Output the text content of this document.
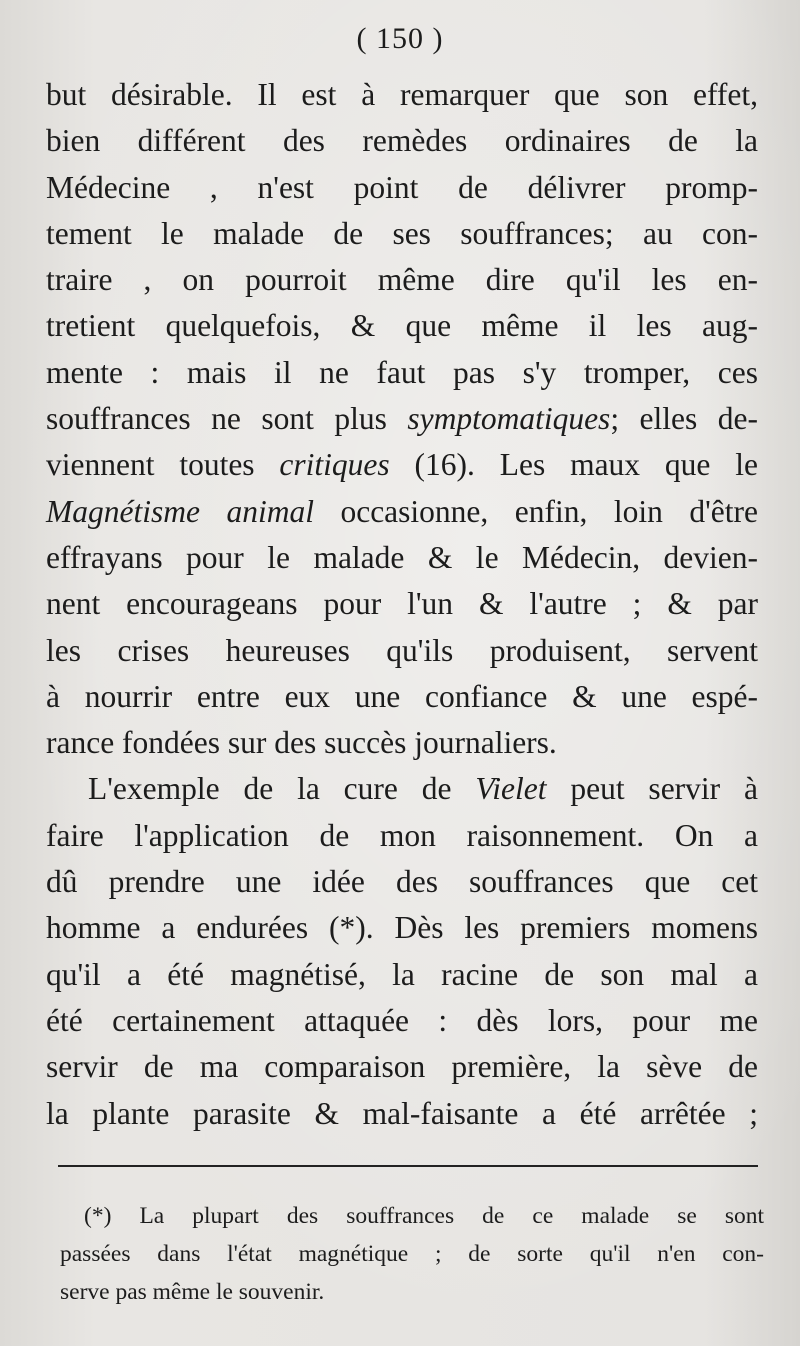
( 150 )
but désirable. Il est à remarquer que son effet,
bien différent des remèdes ordinaires de la
Médecine , n'est point de délivrer promp-
tement le malade de ses souffrances; au con-
traire , on pourroit même dire qu'il les en-
tretient quelquefois, & que même il les aug-
mente : mais il ne faut pas s'y tromper, ces
souffrances ne sont plus symptomatiques; elles de-
viennent toutes critiques (16). Les maux que le
Magnétisme animal occasionne, enfin, loin d'être
effrayans pour le malade & le Médecin, devien-
nent encourageans pour l'un & l'autre ; & par
les crises heureuses qu'ils produisent, servent
à nourrir entre eux une confiance & une espé-
rance fondées sur des succès journaliers.
L'exemple de la cure de Vielet peut servir à
faire l'application de mon raisonnement. On a
dû prendre une idée des souffrances que cet
homme a endurées (*). Dès les premiers momens
qu'il a été magnétisé, la racine de son mal a
été certainement attaquée : dès lors, pour me
servir de ma comparaison première, la sève de
la plante parasite & mal-faisante a été arrêtée ;
(*) La plupart des souffrances de ce malade se sont
passées dans l'état magnétique ; de sorte qu'il n'en con-
serve pas même le souvenir.
